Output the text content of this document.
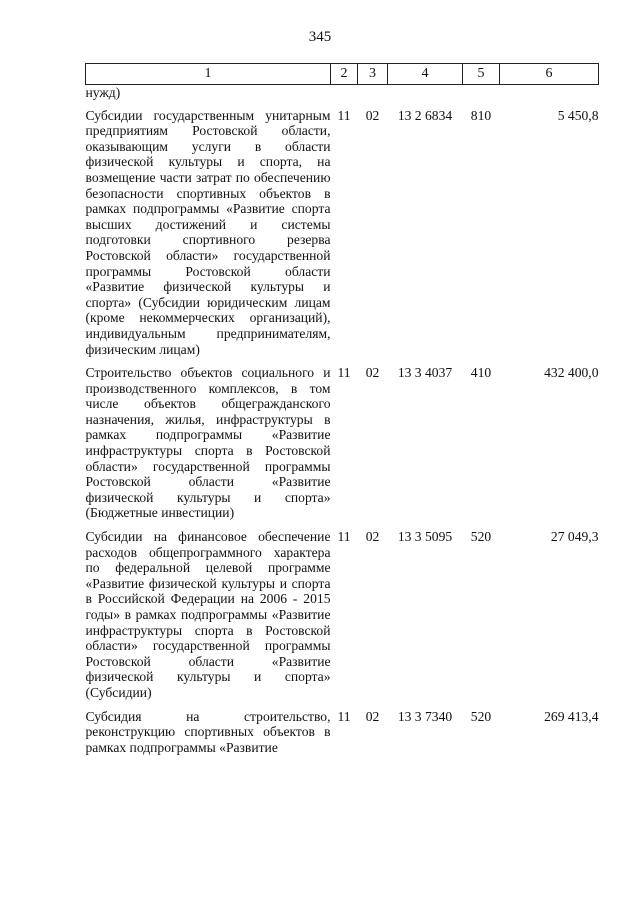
345
1	2	3	4	5	6
нужд)					
Субсидии государственным унитарным предприятиям Ростовской области, оказывающим услуги в области физической культуры и спорта, на возмещение части затрат по обеспечению безопасности спортивных объектов в рамках подпрограммы «Развитие спорта высших достижений и системы подготовки спортивного резерва Ростовской области» государственной программы Ростовской области «Развитие физической культуры и спорта» (Субсидии юридическим лицам (кроме некоммерческих организаций), индивидуальным предпринимателям, физическим лицам)	11	02	13 2 6834	810	5 450,8
Строительство объектов социального и производственного комплексов, в том числе объектов общегражданского назначения, жилья, инфраструктуры в рамках подпрограммы «Развитие инфраструктуры спорта в Ростовской области» государственной программы Ростовской области «Развитие физической культуры и спорта» (Бюджетные инвестиции)	11	02	13 3 4037	410	432 400,0
Субсидии на финансовое обеспечение расходов общепрограммного характера по федеральной целевой программе «Развитие физической культуры и спорта в Российской Федерации на 2006 - 2015 годы» в рамках подпрограммы «Развитие инфраструктуры спорта в Ростовской области» государственной программы Ростовской области «Развитие физической культуры и спорта» (Субсидии)	11	02	13 3 5095	520	27 049,3
Субсидия на строительство, реконструкцию спортивных объектов в рамках подпрограммы «Развитие	11	02	13 3 7340	520	269 413,4
